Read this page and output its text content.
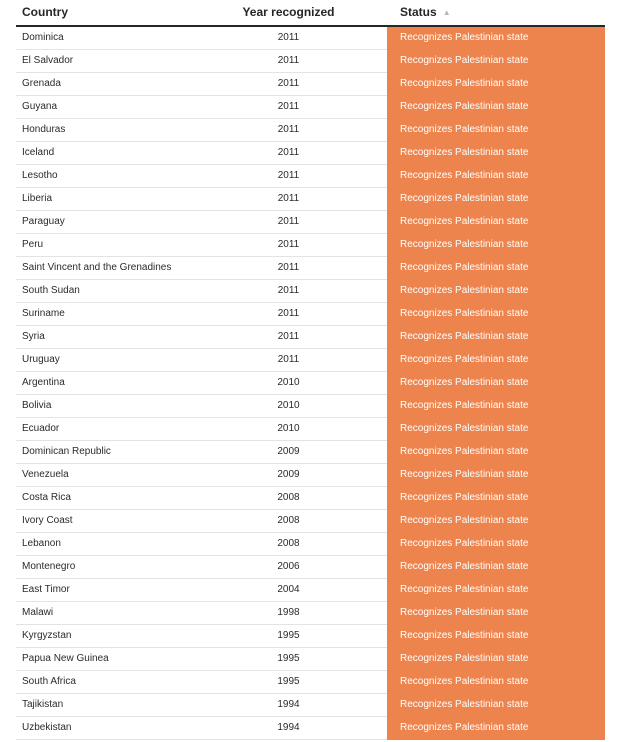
Country	Year recognized	Status ▲
Dominica	2011	Recognizes Palestinian state
El Salvador	2011	Recognizes Palestinian state
Grenada	2011	Recognizes Palestinian state
Guyana	2011	Recognizes Palestinian state
Honduras	2011	Recognizes Palestinian state
Iceland	2011	Recognizes Palestinian state
Lesotho	2011	Recognizes Palestinian state
Liberia	2011	Recognizes Palestinian state
Paraguay	2011	Recognizes Palestinian state
Peru	2011	Recognizes Palestinian state
Saint Vincent and the Grenadines	2011	Recognizes Palestinian state
South Sudan	2011	Recognizes Palestinian state
Suriname	2011	Recognizes Palestinian state
Syria	2011	Recognizes Palestinian state
Uruguay	2011	Recognizes Palestinian state
Argentina	2010	Recognizes Palestinian state
Bolivia	2010	Recognizes Palestinian state
Ecuador	2010	Recognizes Palestinian state
Dominican Republic	2009	Recognizes Palestinian state
Venezuela	2009	Recognizes Palestinian state
Costa Rica	2008	Recognizes Palestinian state
Ivory Coast	2008	Recognizes Palestinian state
Lebanon	2008	Recognizes Palestinian state
Montenegro	2006	Recognizes Palestinian state
East Timor	2004	Recognizes Palestinian state
Malawi	1998	Recognizes Palestinian state
Kyrgyzstan	1995	Recognizes Palestinian state
Papua New Guinea	1995	Recognizes Palestinian state
South Africa	1995	Recognizes Palestinian state
Tajikistan	1994	Recognizes Palestinian state
Uzbekistan	1994	Recognizes Palestinian state
